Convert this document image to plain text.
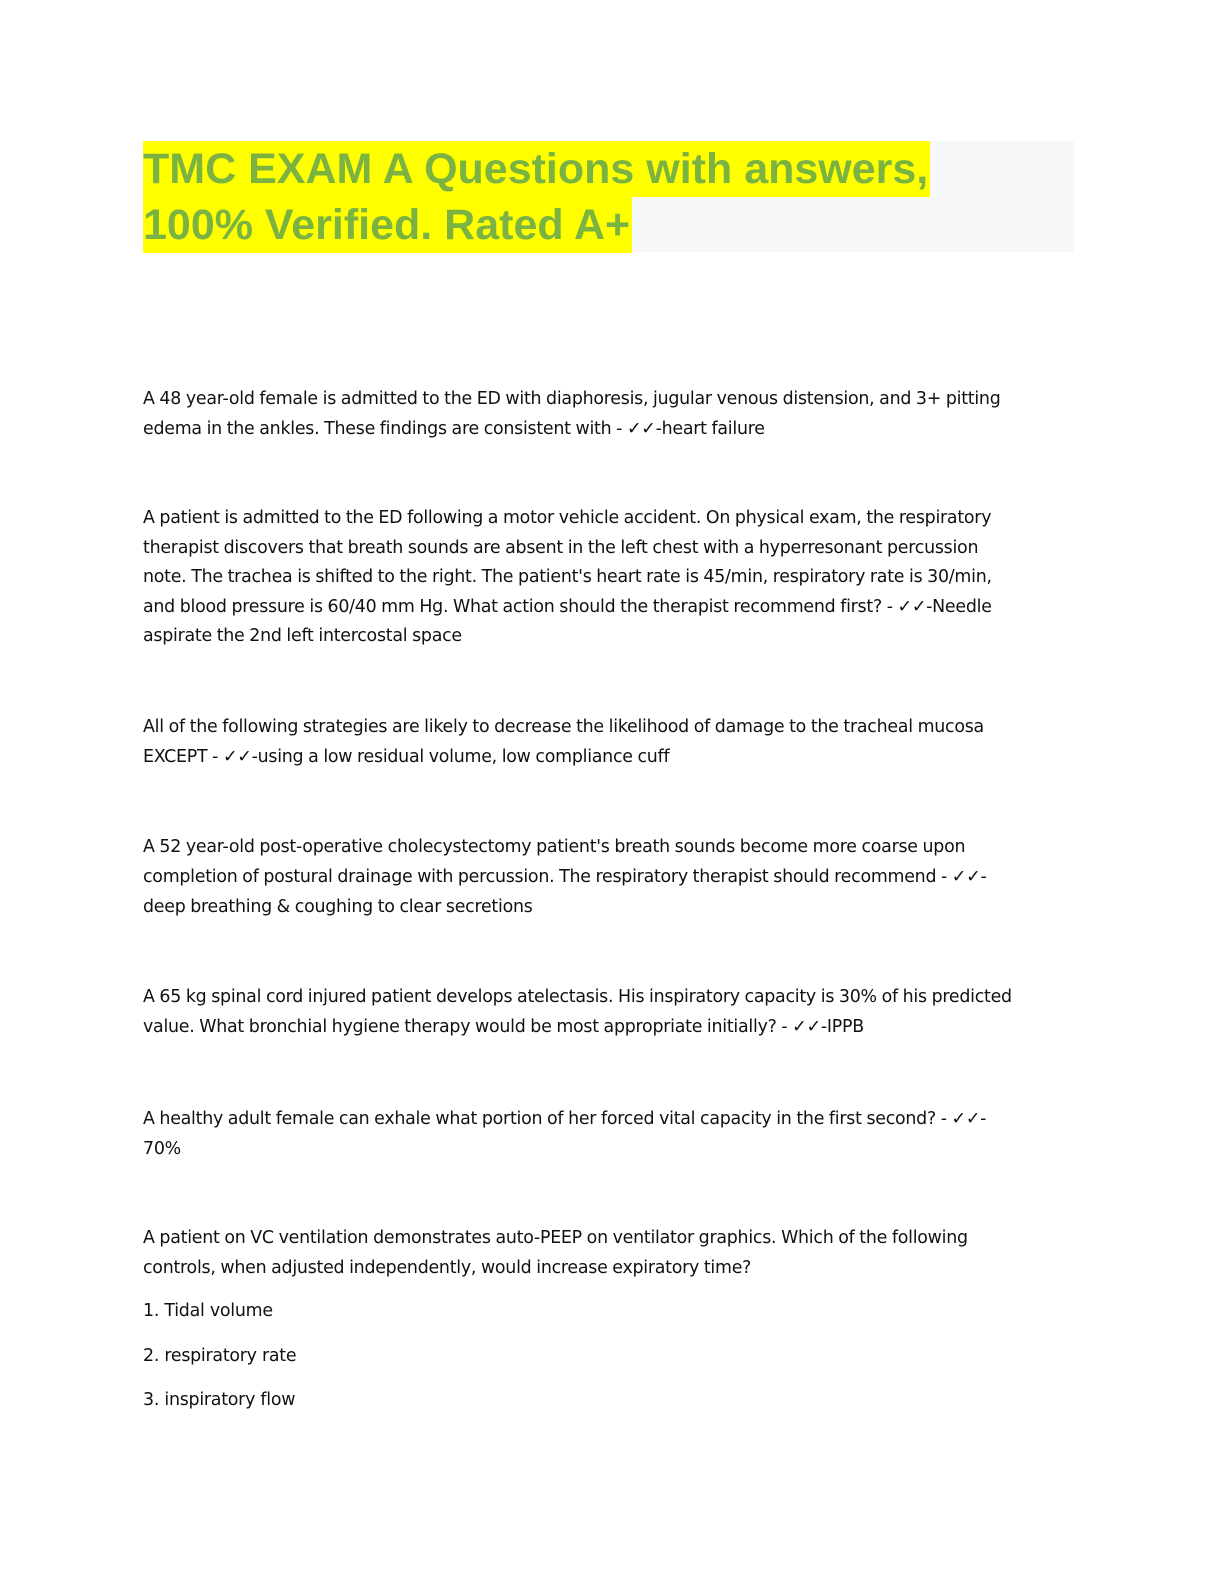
TMC EXAM A Questions with answers,
100% Verified. Rated A+
A 48 year-old female is admitted to the ED with diaphoresis, jugular venous distension, and 3+ pitting
edema in the ankles. These findings are consistent with - ✓✓-heart failure
A patient is admitted to the ED following a motor vehicle accident. On physical exam, the respiratory
therapist discovers that breath sounds are absent in the left chest with a hyperresonant percussion
note. The trachea is shifted to the right. The patient's heart rate is 45/min, respiratory rate is 30/min,
and blood pressure is 60/40 mm Hg. What action should the therapist recommend first? - ✓✓-Needle
aspirate the 2nd left intercostal space
All of the following strategies are likely to decrease the likelihood of damage to the tracheal mucosa
EXCEPT - ✓✓-using a low residual volume, low compliance cuff
A 52 year-old post-operative cholecystectomy patient's breath sounds become more coarse upon
completion of postural drainage with percussion. The respiratory therapist should recommend - ✓✓-
deep breathing & coughing to clear secretions
A 65 kg spinal cord injured patient develops atelectasis. His inspiratory capacity is 30% of his predicted
value. What bronchial hygiene therapy would be most appropriate initially? - ✓✓-IPPB
A healthy adult female can exhale what portion of her forced vital capacity in the first second? - ✓✓-
70%
A patient on VC ventilation demonstrates auto-PEEP on ventilator graphics. Which of the following
controls, when adjusted independently, would increase expiratory time?
1. Tidal volume
2. respiratory rate
3. inspiratory flow
